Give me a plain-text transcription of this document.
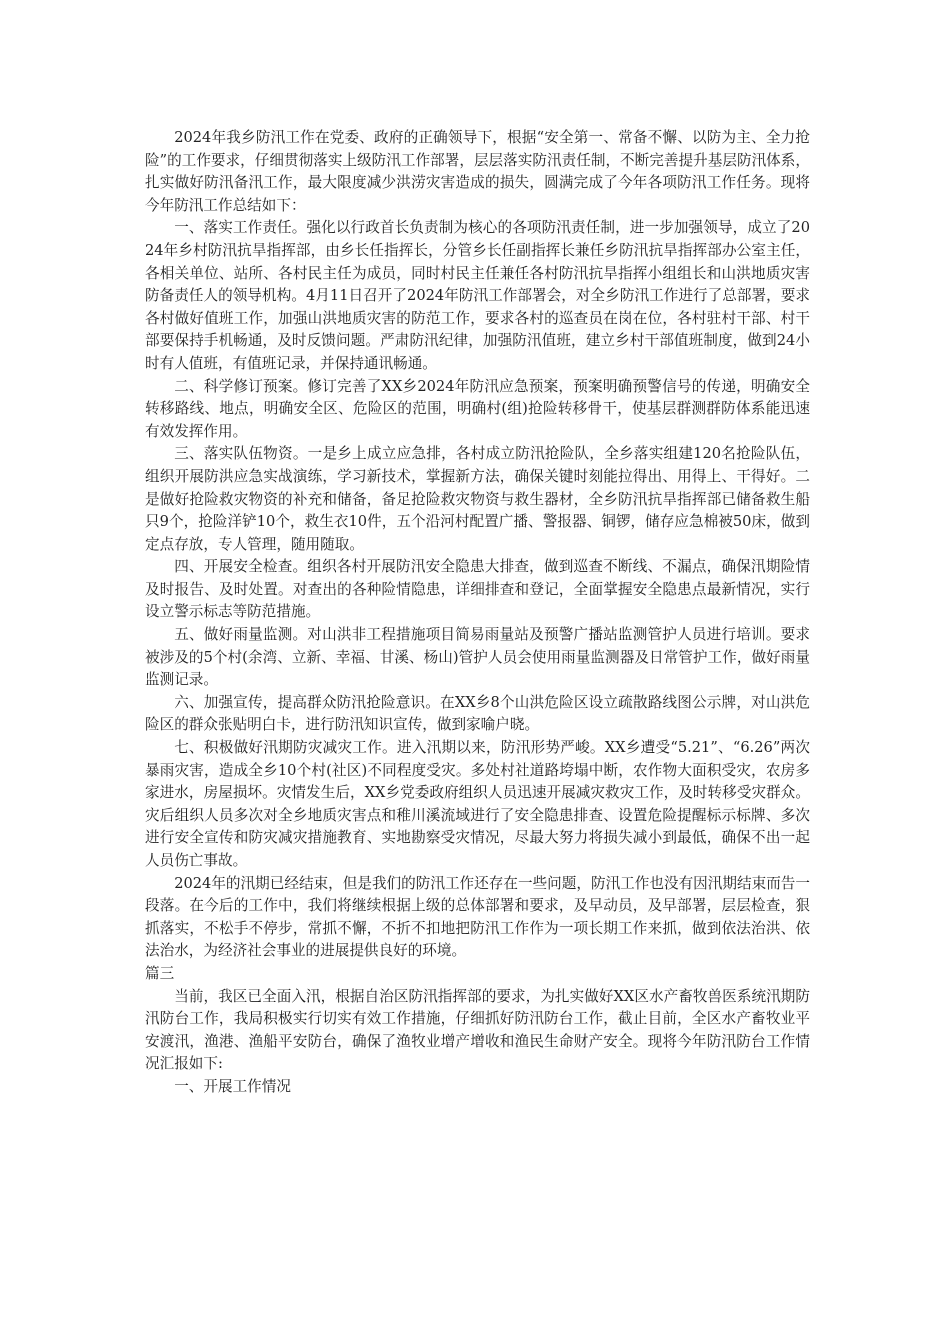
2024年我乡防汛工作在党委、政府的正确领导下，根据“安全第一、常备不懈、以防为主、全力抢险”的工作要求，仔细贯彻落实上级防汛工作部署，层层落实防汛责任制，不断完善提升基层防汛体系，扎实做好防汛备汛工作，最大限度减少洪涝灾害造成的损失，圆满完成了今年各项防汛工作任务。现将今年防汛工作总结如下：

一、落实工作责任。强化以行政首长负责制为核心的各项防汛责任制，进一步加强领导，成立了2024年乡村防汛抗旱指挥部，由乡长任指挥长，分管乡长任副指挥长兼任乡防汛抗旱指挥部办公室主任，各相关单位、站所、各村民主任为成员，同时村民主任兼任各村防汛抗旱指挥小组组长和山洪地质灾害防备责任人的领导机构。4月11日召开了2024年防汛工作部署会，对全乡防汛工作进行了总部署，要求各村做好值班工作，加强山洪地质灾害的防范工作，要求各村的巡查员在岗在位，各村驻村干部、村干部要保持手机畅通，及时反馈问题。严肃防汛纪律，加强防汛值班，建立乡村干部值班制度，做到24小时有人值班，有值班记录，并保持通讯畅通。

二、科学修订预案。修订完善了XX乡2024年防汛应急预案，预案明确预警信号的传递，明确安全转移路线、地点，明确安全区、危险区的范围，明确村(组)抢险转移骨干，使基层群测群防体系能迅速有效发挥作用。

三、落实队伍物资。一是乡上成立应急排，各村成立防汛抢险队，全乡落实组建120名抢险队伍，组织开展防洪应急实战演练，学习新技术，掌握新方法，确保关键时刻能拉得出、用得上、干得好。二是做好抢险救灾物资的补充和储备，备足抢险救灾物资与救生器材，全乡防汛抗旱指挥部已储备救生船只9个，抢险洋铲10个，救生衣10件，五个沿河村配置广播、警报器、铜锣，储存应急棉被50床，做到定点存放，专人管理，随用随取。

四、开展安全检查。组织各村开展防汛安全隐患大排查，做到巡查不断线、不漏点，确保汛期险情及时报告、及时处置。对查出的各种险情隐患，详细排查和登记，全面掌握安全隐患点最新情况，实行设立警示标志等防范措施。

五、做好雨量监测。对山洪非工程措施项目简易雨量站及预警广播站监测管护人员进行培训。要求被涉及的5个村(余湾、立新、幸福、甘溪、杨山)管护人员会使用雨量监测器及日常管护工作，做好雨量监测记录。

六、加强宣传，提高群众防汛抢险意识。在XX乡8个山洪危险区设立疏散路线图公示牌，对山洪危险区的群众张贴明白卡，进行防汛知识宣传，做到家喻户晓。

七、积极做好汛期防灾减灾工作。进入汛期以来，防汛形势严峻。XX乡遭受“5.21”、“6.26”两次暴雨灾害，造成全乡10个村(社区)不同程度受灾。多处村社道路垮塌中断，农作物大面积受灾，农房多家进水，房屋损坏。灾情发生后，XX乡党委政府组织人员迅速开展减灾救灾工作，及时转移受灾群众。灾后组织人员多次对全乡地质灾害点和稚川溪流域进行了安全隐患排查、设置危险提醒标示标牌、多次进行安全宣传和防灾减灾措施教育、实地勘察受灾情况，尽最大努力将损失减小到最低，确保不出一起人员伤亡事故。

2024年的汛期已经结束，但是我们的防汛工作还存在一些问题，防汛工作也没有因汛期结束而告一段落。在今后的工作中，我们将继续根据上级的总体部署和要求，及早动员，及早部署，层层检查，狠抓落实，不松手不停步，常抓不懈，不折不扣地把防汛工作作为一项长期工作来抓，做到依法治洪、依法治水，为经济社会事业的进展提供良好的环境。

篇三

当前，我区已全面入汛，根据自治区防汛指挥部的要求，为扎实做好XX区水产畜牧兽医系统汛期防汛防台工作，我局积极实行切实有效工作措施，仔细抓好防汛防台工作，截止目前，全区水产畜牧业平安渡汛，渔港、渔船平安防台，确保了渔牧业增产增收和渔民生命财产安全。现将今年防汛防台工作情况汇报如下:

一、开展工作情况
